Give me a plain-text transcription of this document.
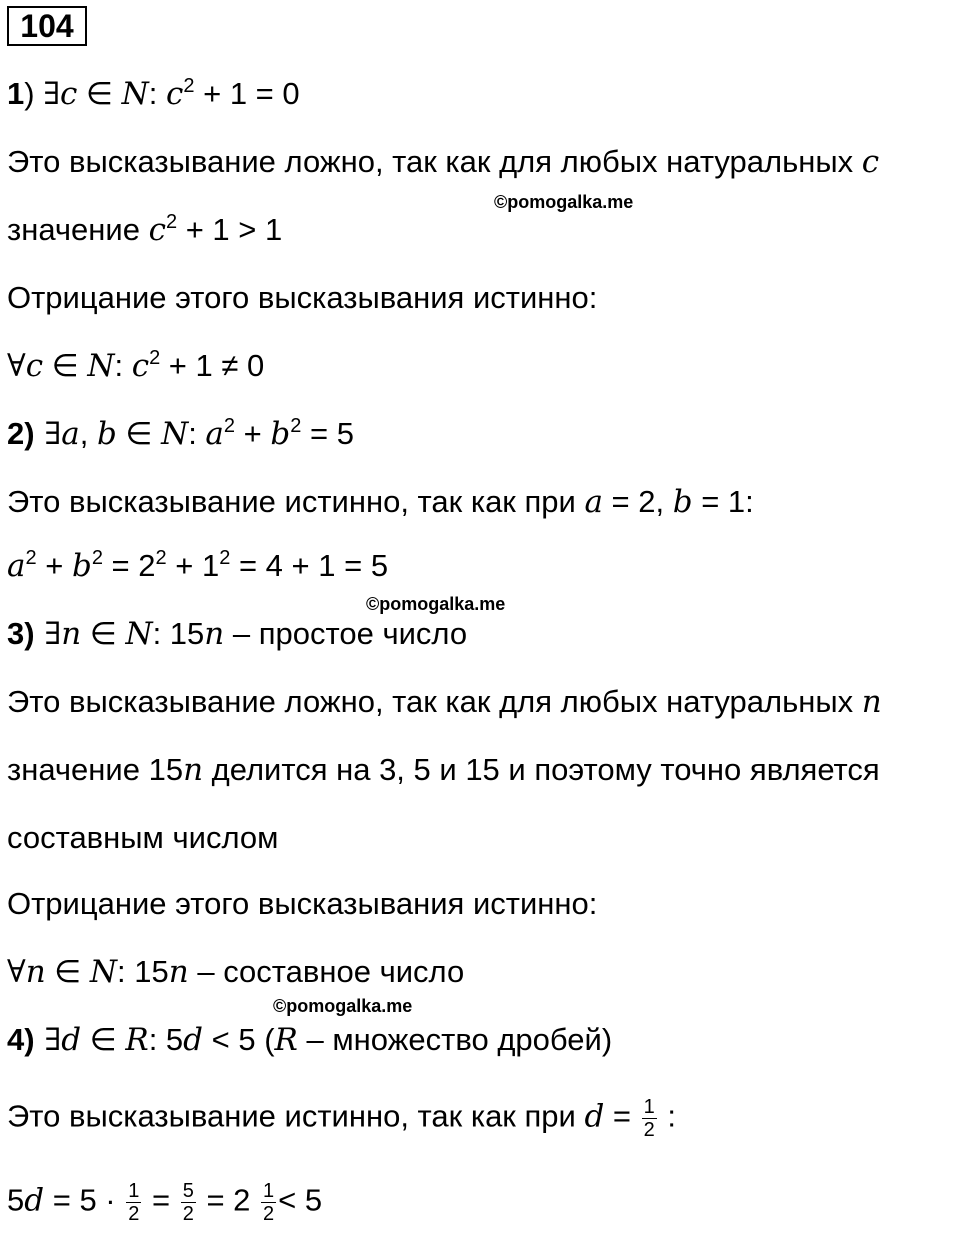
104
1) ∃c ∈ N: $c^2 + 1 = 0$
Это высказывание ложно, так как для любых натуральных c
©pomogalka.me
значение $c^2 + 1 > 1$
Отрицание этого высказывания истинно:
∀c ∈ N: $c^2 + 1 \ne 0$
2) ∃a, b ∈ N: $a^2 + b^2 = 5$
Это высказывание истинно, так как при a = 2, b = 1:
$a^2 + b^2 = 2^2 + 1^2 = 4 + 1 = 5$
©pomogalka.me
3) ∃n ∈ N: 15n – простое число
Это высказывание ложно, так как для любых натуральных n
значение 15n делится на 3, 5 и 15 и поэтому точно является
составным числом
Отрицание этого высказывания истинно:
∀n ∈ N: 15n – составное число
©pomogalka.me
4) ∃d ∈ R: 5d < 5 (R – множество дробей)
Это высказывание истинно, так как при $d = \frac{1}{2}$ :
$5d = 5 \cdot \frac{1}{2} = \frac{5}{2} = 2 \frac{1}{2} < 5$
